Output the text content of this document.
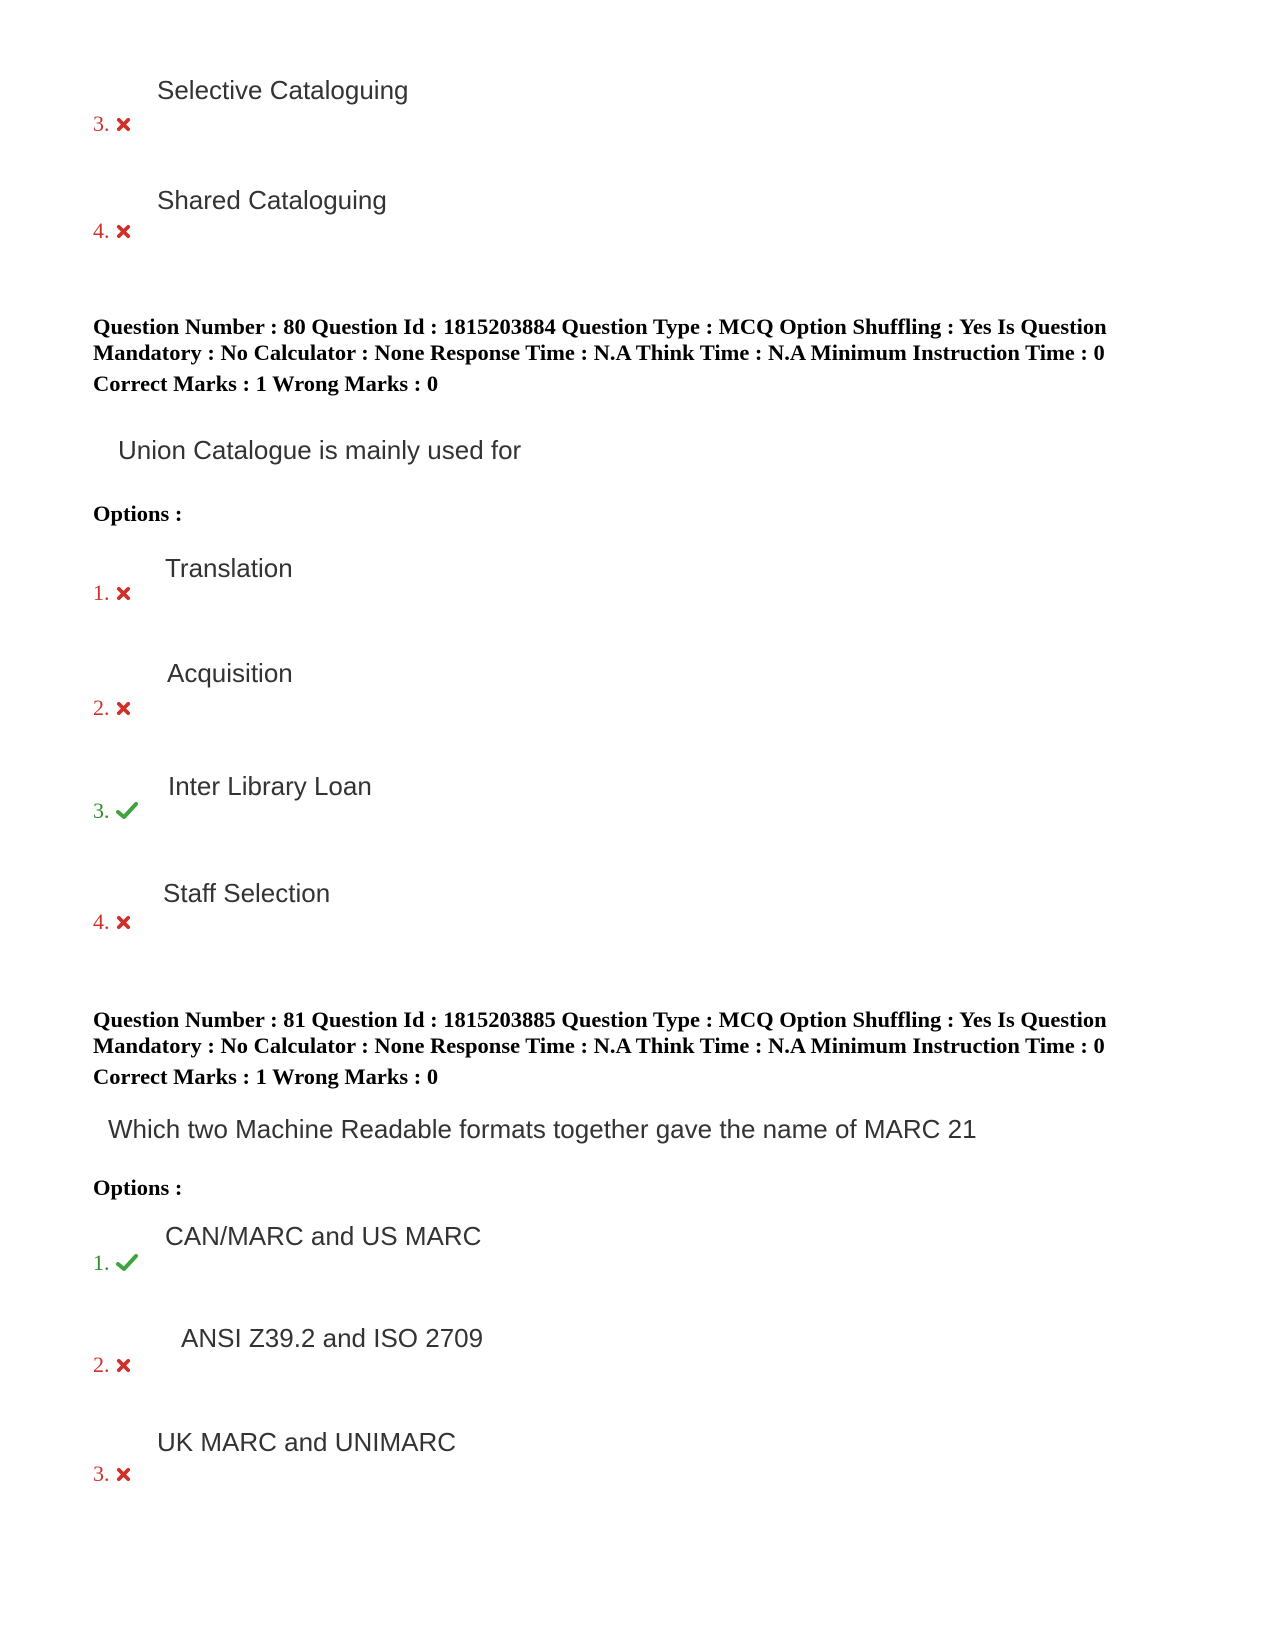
Selective Cataloguing
3.
Shared Cataloguing
4.
Question Number : 80 Question Id : 1815203884 Question Type : MCQ Option Shuffling : Yes Is Question
Mandatory : No Calculator : None Response Time : N.A Think Time : N.A Minimum Instruction Time : 0
Correct Marks : 1 Wrong Marks : 0
Union Catalogue is mainly used for
Options :
Translation
1.
Acquisition
2.
Inter Library Loan
3.
Staff Selection
4.
Question Number : 81 Question Id : 1815203885 Question Type : MCQ Option Shuffling : Yes Is Question
Mandatory : No Calculator : None Response Time : N.A Think Time : N.A Minimum Instruction Time : 0
Correct Marks : 1 Wrong Marks : 0
Which two Machine Readable formats together gave the name of MARC 21
Options :
CAN/MARC and US MARC
1.
ANSI Z39.2 and ISO 2709
2.
UK MARC and UNIMARC
3.
